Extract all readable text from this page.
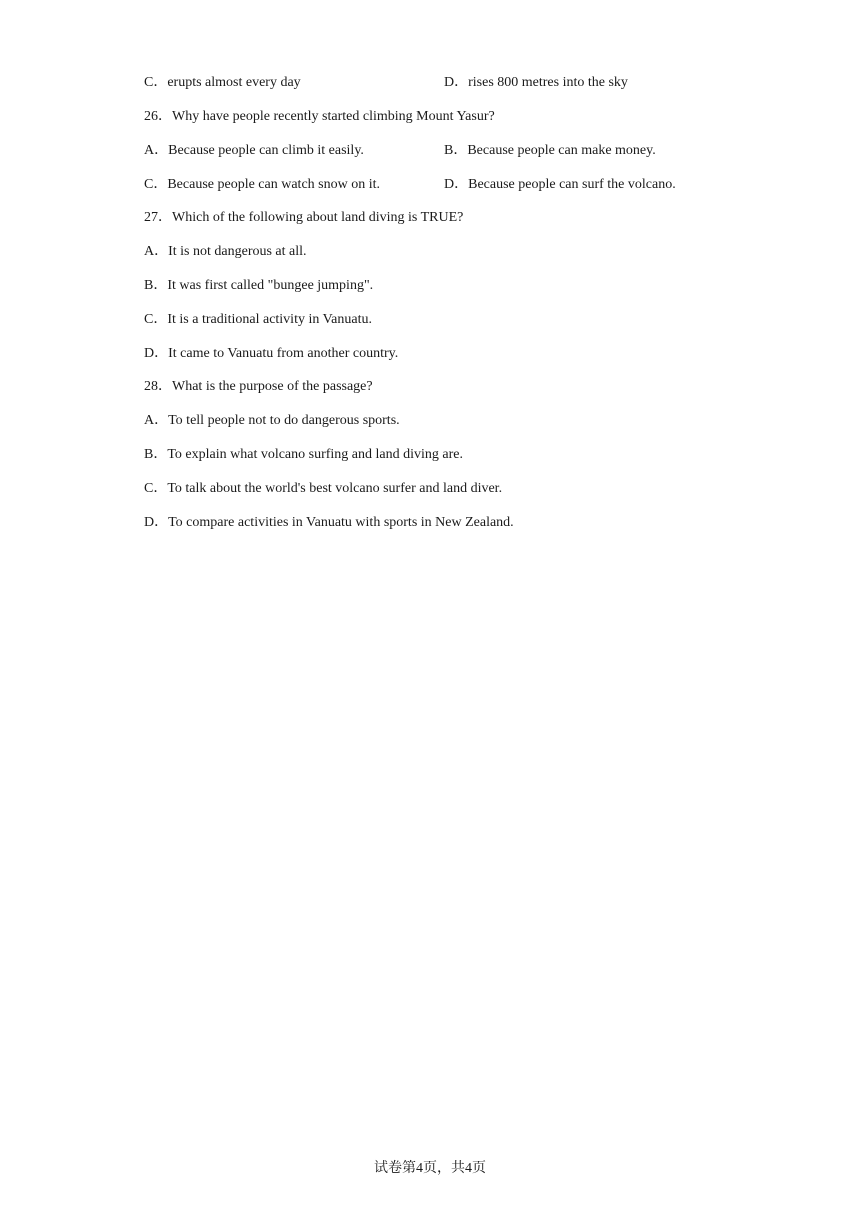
C．erupts almost every day	D．rises 800 metres into the sky
26．Why have people recently started climbing Mount Yasur?
A．Because people can climb it easily.	B．Because people can make money.
C．Because people can watch snow on it.	D．Because people can surf the volcano.
27．Which of the following about land diving is TRUE?
A．It is not dangerous at all.
B．It was first called "bungee jumping".
C．It is a traditional activity in Vanuatu.
D．It came to Vanuatu from another country.
28．What is the purpose of the passage?
A．To tell people not to do dangerous sports.
B．To explain what volcano surfing and land diving are.
C．To talk about the world's best volcano surfer and land diver.
D．To compare activities in Vanuatu with sports in New Zealand.
试卷第4页，共4页
